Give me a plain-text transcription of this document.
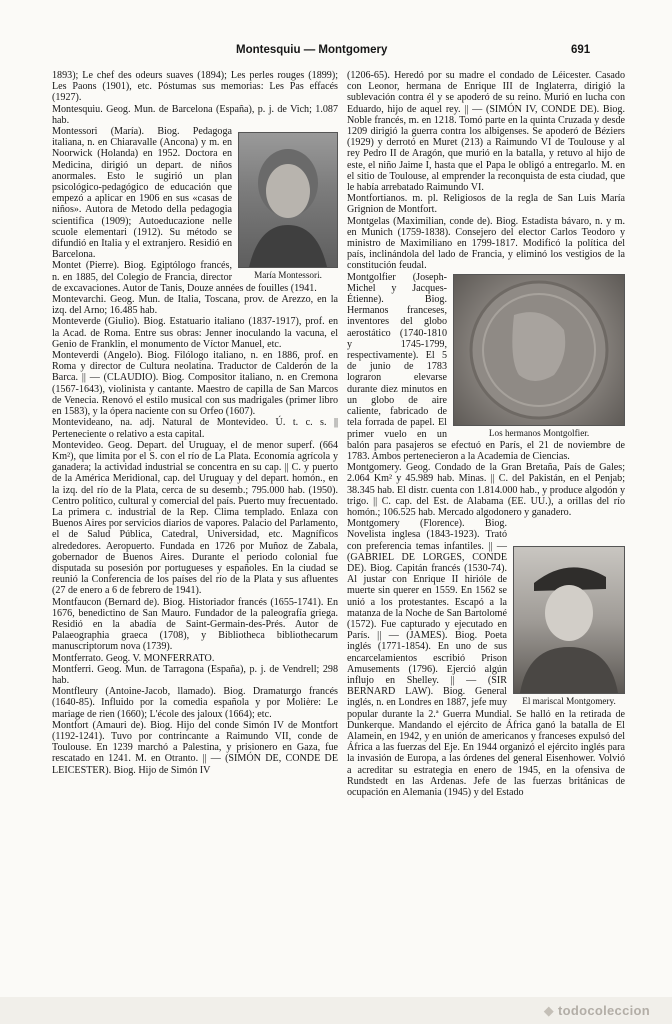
Montesquiu — Montgomery	691

1893); Le chef des odeurs suaves (1894); Les perles rouges (1899); Les Paons (1901), etc. Póstumas sus memorias: Les Pas effacés (1927).

Montesquiu. Geog. Mun. de Barcelona (España), p. j. de Vich; 1.087 hab.

María Montessori.

Montessori (María). Biog. Pedagoga italiana, n. en Chiaravalle (Ancona) y m. en Noorwick (Holanda) en 1952. Doctora en Medicina, dirigió un depart. de niños anormales. Esto le sugirió un plan psicológico-pedagógico de educación que empezó a aplicar en 1906 en sus «casas de niños». Autora de Metodo della pedagogia scientifica (1909); Autoeducazione nelle scuole elementari (1912). Su método se difundió en Italia y el extranjero. Residió en Barcelona.

Montet (Pierre). Biog. Egiptólogo francés, n. en 1885, del Colegio de Francia, director de excavaciones. Autor de Tanis, Douze années de fouilles (1941.

Montevarchi. Geog. Mun. de Italia, Toscana, prov. de Arezzo, en la izq. del Arno; 16.485 hab.

Monteverde (Giulio). Biog. Estatuario italiano (1837-1917), prof. en la Acad. de Roma. Entre sus obras: Jenner inoculando la vacuna, el Genio de Franklin, el monumento de Víctor Manuel, etc.

Monteverdi (Angelo). Biog. Filólogo italiano, n. en 1886, prof. en Roma y director de Cultura neolatina. Traductor de Calderón de la Barca. || — (CLAUDIO). Biog. Compositor italiano, n. en Cremona (1567-1643), violinista y cantante. Maestro de capilla de San Marcos de Venecia. Renovó el estilo musical con sus madrigales (primer libro en 1583), y la ópera naciente con su Orfeo (1607).

Montevideano, na. adj. Natural de Montevideo. Ú. t. c. s. || Perteneciente o relativo a esta capital.

Montevideo. Geog. Depart. del Uruguay, el de menor superf. (664 Km²), que limita por el S. con el río de La Plata. Economía agrícola y ganadera; la actividad industrial se concentra en su cap. || C. y puerto de la América Meridional, cap. del Uruguay y del depart. homón., en la izq. del río de la Plata, cerca de su desemb.; 795.000 hab. (1950). Centro político, cultural y comercial del país. Puerto muy frecuentado. La primera c. industrial de la Rep. Clima templado. Enlaza con Buenos Aires por servicios diarios de vapores. Palacio del Parlamento, el de Salud Pública, Catedral, Universidad, etc. Magníficos alrededores. Aeropuerto. Fundada en 1726 por Muñoz de Zabala, gobernador de Buenos Aires. Durante el periodo colonial fue disputada su posesión por portugueses y españoles. En la ciudad se reunió la Conferencia de los países del río de la Plata y sus afluentes (27 de enero a 6 de febrero de 1941).

Montfaucon (Bernard de). Biog. Historiador francés (1655-1741). En 1676, benedictino de San Mauro. Fundador de la paleografía griega. Residió en la abadía de Saint-Germain-des-Prés. Autor de Palaeographia graeca (1708), y Bibliotheca bibliothecarum manuscriptorum nova (1739).

Montferrato. Geog. V. MONFERRATO.

Montferri. Geog. Mun. de Tarragona (España), p. j. de Vendrell; 298 hab.

Montfleury (Antoine-Jacob, llamado). Biog. Dramaturgo francés (1640-85). Influido por la comedia española y por Molière: Le mariage de rien (1660); L'école des jaloux (1664); etc.

Montfort (Amauri de). Biog. Hijo del conde Simón IV de Montfort (1192-1241). Tuvo por contrincante a Raimundo VII, conde de Toulouse. En 1239 marchó a Palestina, y prisionero en Gaza, fue rescatado en 1241. M. en Otranto. || — (SIMÓN DE, CONDE DE LEICESTER). Biog. Hijo de Simón IV

(1206-65). Heredó por su madre el condado de Léicester. Casado con Leonor, hermana de Enrique III de Inglaterra, dirigió la sublevación contra él y se apoderó de su reino. Murió en lucha con Eduardo, hijo de aquel rey. || — (SIMÓN IV, CONDE DE). Biog. Noble francés, m. en 1218. Tomó parte en la quinta Cruzada y desde 1209 dirigió la guerra contra los albigenses. Se apoderó de Béziers (1929) y derrotó en Muret (213) a Raimundo VI de Toulouse y al rey Pedro II de Aragón, que murió en la batalla, y retuvo al hijo de este, el niño Jaime I, hasta que el Papa le obligó a entregarlo. M. en el sitio de Toulouse, al emprender la reconquista de esta ciudad, que le había arrebatado Raimundo VI.

Montfortianos. m. pl. Religiosos de la regla de San Luis María Grignion de Montfort.

Montgelas (Maximilian, conde de). Biog. Estadista bávaro, n. y m. en Munich (1759-1838). Consejero del elector Carlos Teodoro y ministro de Maximiliano en 1799-1817. Modificó la política del país, inclinándola del lado de Francia, y eliminó los vestigios de la constitución feudal.

Los hermanos Montgolfier.

Montgolfier (Joseph-Michel y Jacques-Étienne). Biog. Hermanos franceses, inventores del globo aerostático (1740-1810 y 1745-1799, respectivamente). El 5 de junio de 1783 lograron elevarse durante diez minutos en un globo de aire caliente, fabricado de tela forrada de papel. El primer vuelo en un balón para pasajeros se efectuó en París, el 21 de noviembre de 1783. Ambos pertenecieron a la Academia de Ciencias.

Montgomery. Geog. Condado de la Gran Bretaña, País de Gales; 2.064 Km² y 45.989 hab. Minas. || C. del Pakistán, en el Penjab; 38.345 hab. El distr. cuenta con 1.814.000 hab., y produce algodón y trigo. || C. cap. del Est. de Alabama (EE. UU.), a orillas del río homón.; 106.525 hab. Mercado algodonero y ganadero.

El mariscal Montgomery.

Montgomery (Florence). Biog. Novelista inglesa (1843-1923). Trató con preferencia temas infantiles. || — (GABRIEL DE LORGES, CONDE DE). Biog. Capitán francés (1530-74). Al justar con Enrique II hirióle de muerte sin querer en 1559. En 1562 se unió a los protestantes. Escapó a la matanza de la Noche de San Bartolomé (1572). Fue capturado y ejecutado en París. || — (JAMES). Biog. Poeta inglés (1771-1854). En uno de sus encarcelamientos escribió Prison Amusements (1796). Ejerció algún influjo en Shelley. || — (SIR BERNARD LAW). Biog. General inglés, n. en Londres en 1887, jefe muy popular durante la 2.ª Guerra Mundial. Se halló en la retirada de Dunkerque. Mandando el ejército de África ganó la batalla de El Alamein, en 1942, y en unión de americanos y franceses expulsó del África a las fuerzas del Eje. En 1944 organizó el ejército inglés para la invasión de Europa, a las órdenes del general Eisenhower. Volvió a acreditar su estrategia en enero de 1945, en la ofensiva de Rundstedt en las Ardenas. Jefe de las fuerzas británicas de ocupación en Alemania (1945) y del Estado

◆ todocoleccion
